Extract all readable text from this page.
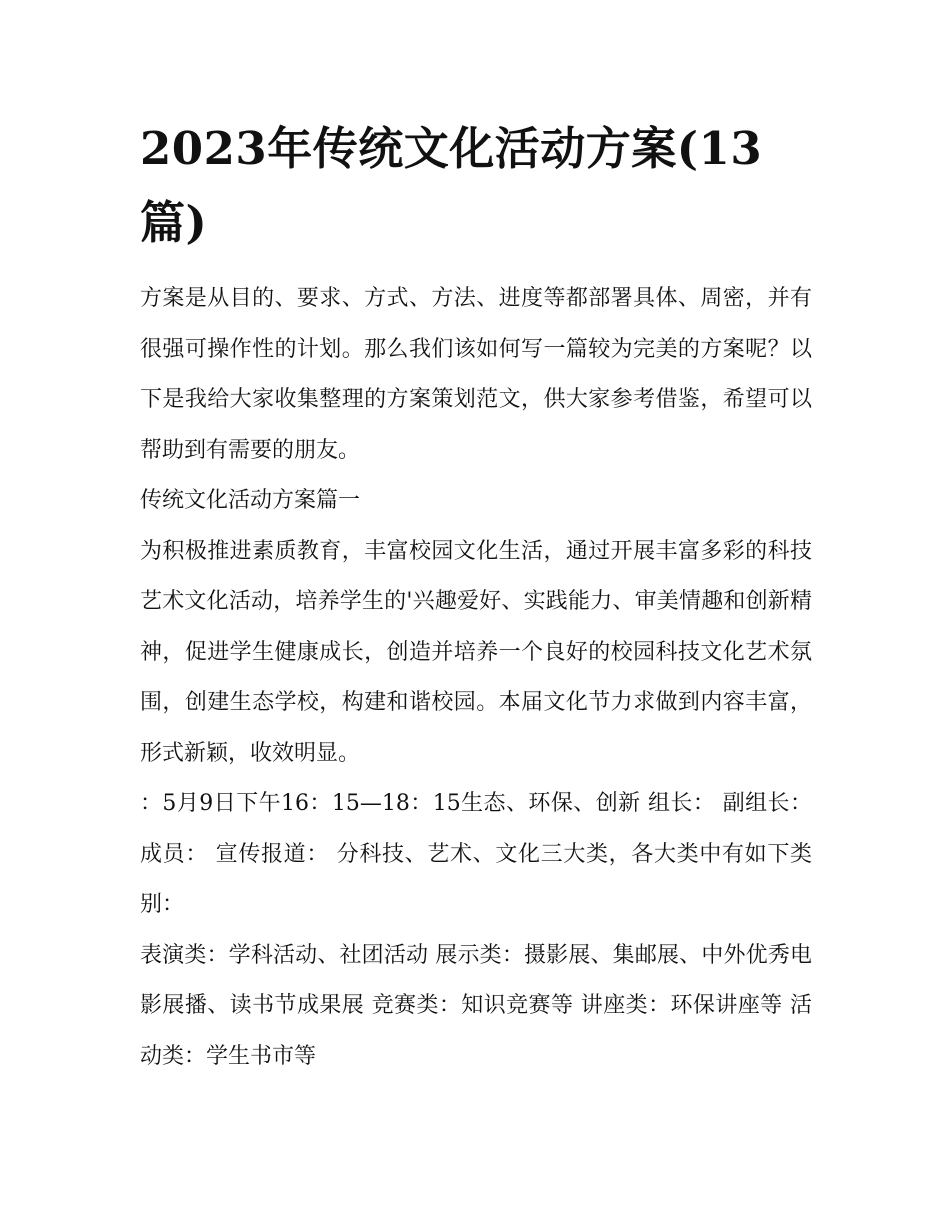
2023年传统文化活动方案(13篇)

方案是从目的、要求、方式、方法、进度等都部署具体、周密，并有很强可操作性的计划。那么我们该如何写一篇较为完美的方案呢？以下是我给大家收集整理的方案策划范文，供大家参考借鉴，希望可以帮助到有需要的朋友。

传统文化活动方案篇一

为积极推进素质教育，丰富校园文化生活，通过开展丰富多彩的科技艺术文化活动，培养学生的'兴趣爱好、实践能力、审美情趣和创新精神，促进学生健康成长，创造并培养一个良好的校园科技文化艺术氛围，创建生态学校，构建和谐校园。本届文化节力求做到内容丰富，形式新颖，收效明显。

：5月9日下午16：15—18：15生态、环保、创新 组长： 副组长： 成员： 宣传报道： 分科技、艺术、文化三大类，各大类中有如下类别：

表演类：学科活动、社团活动 展示类：摄影展、集邮展、中外优秀电影展播、读书节成果展 竞赛类：知识竞赛等 讲座类：环保讲座等 活动类：学生书市等
